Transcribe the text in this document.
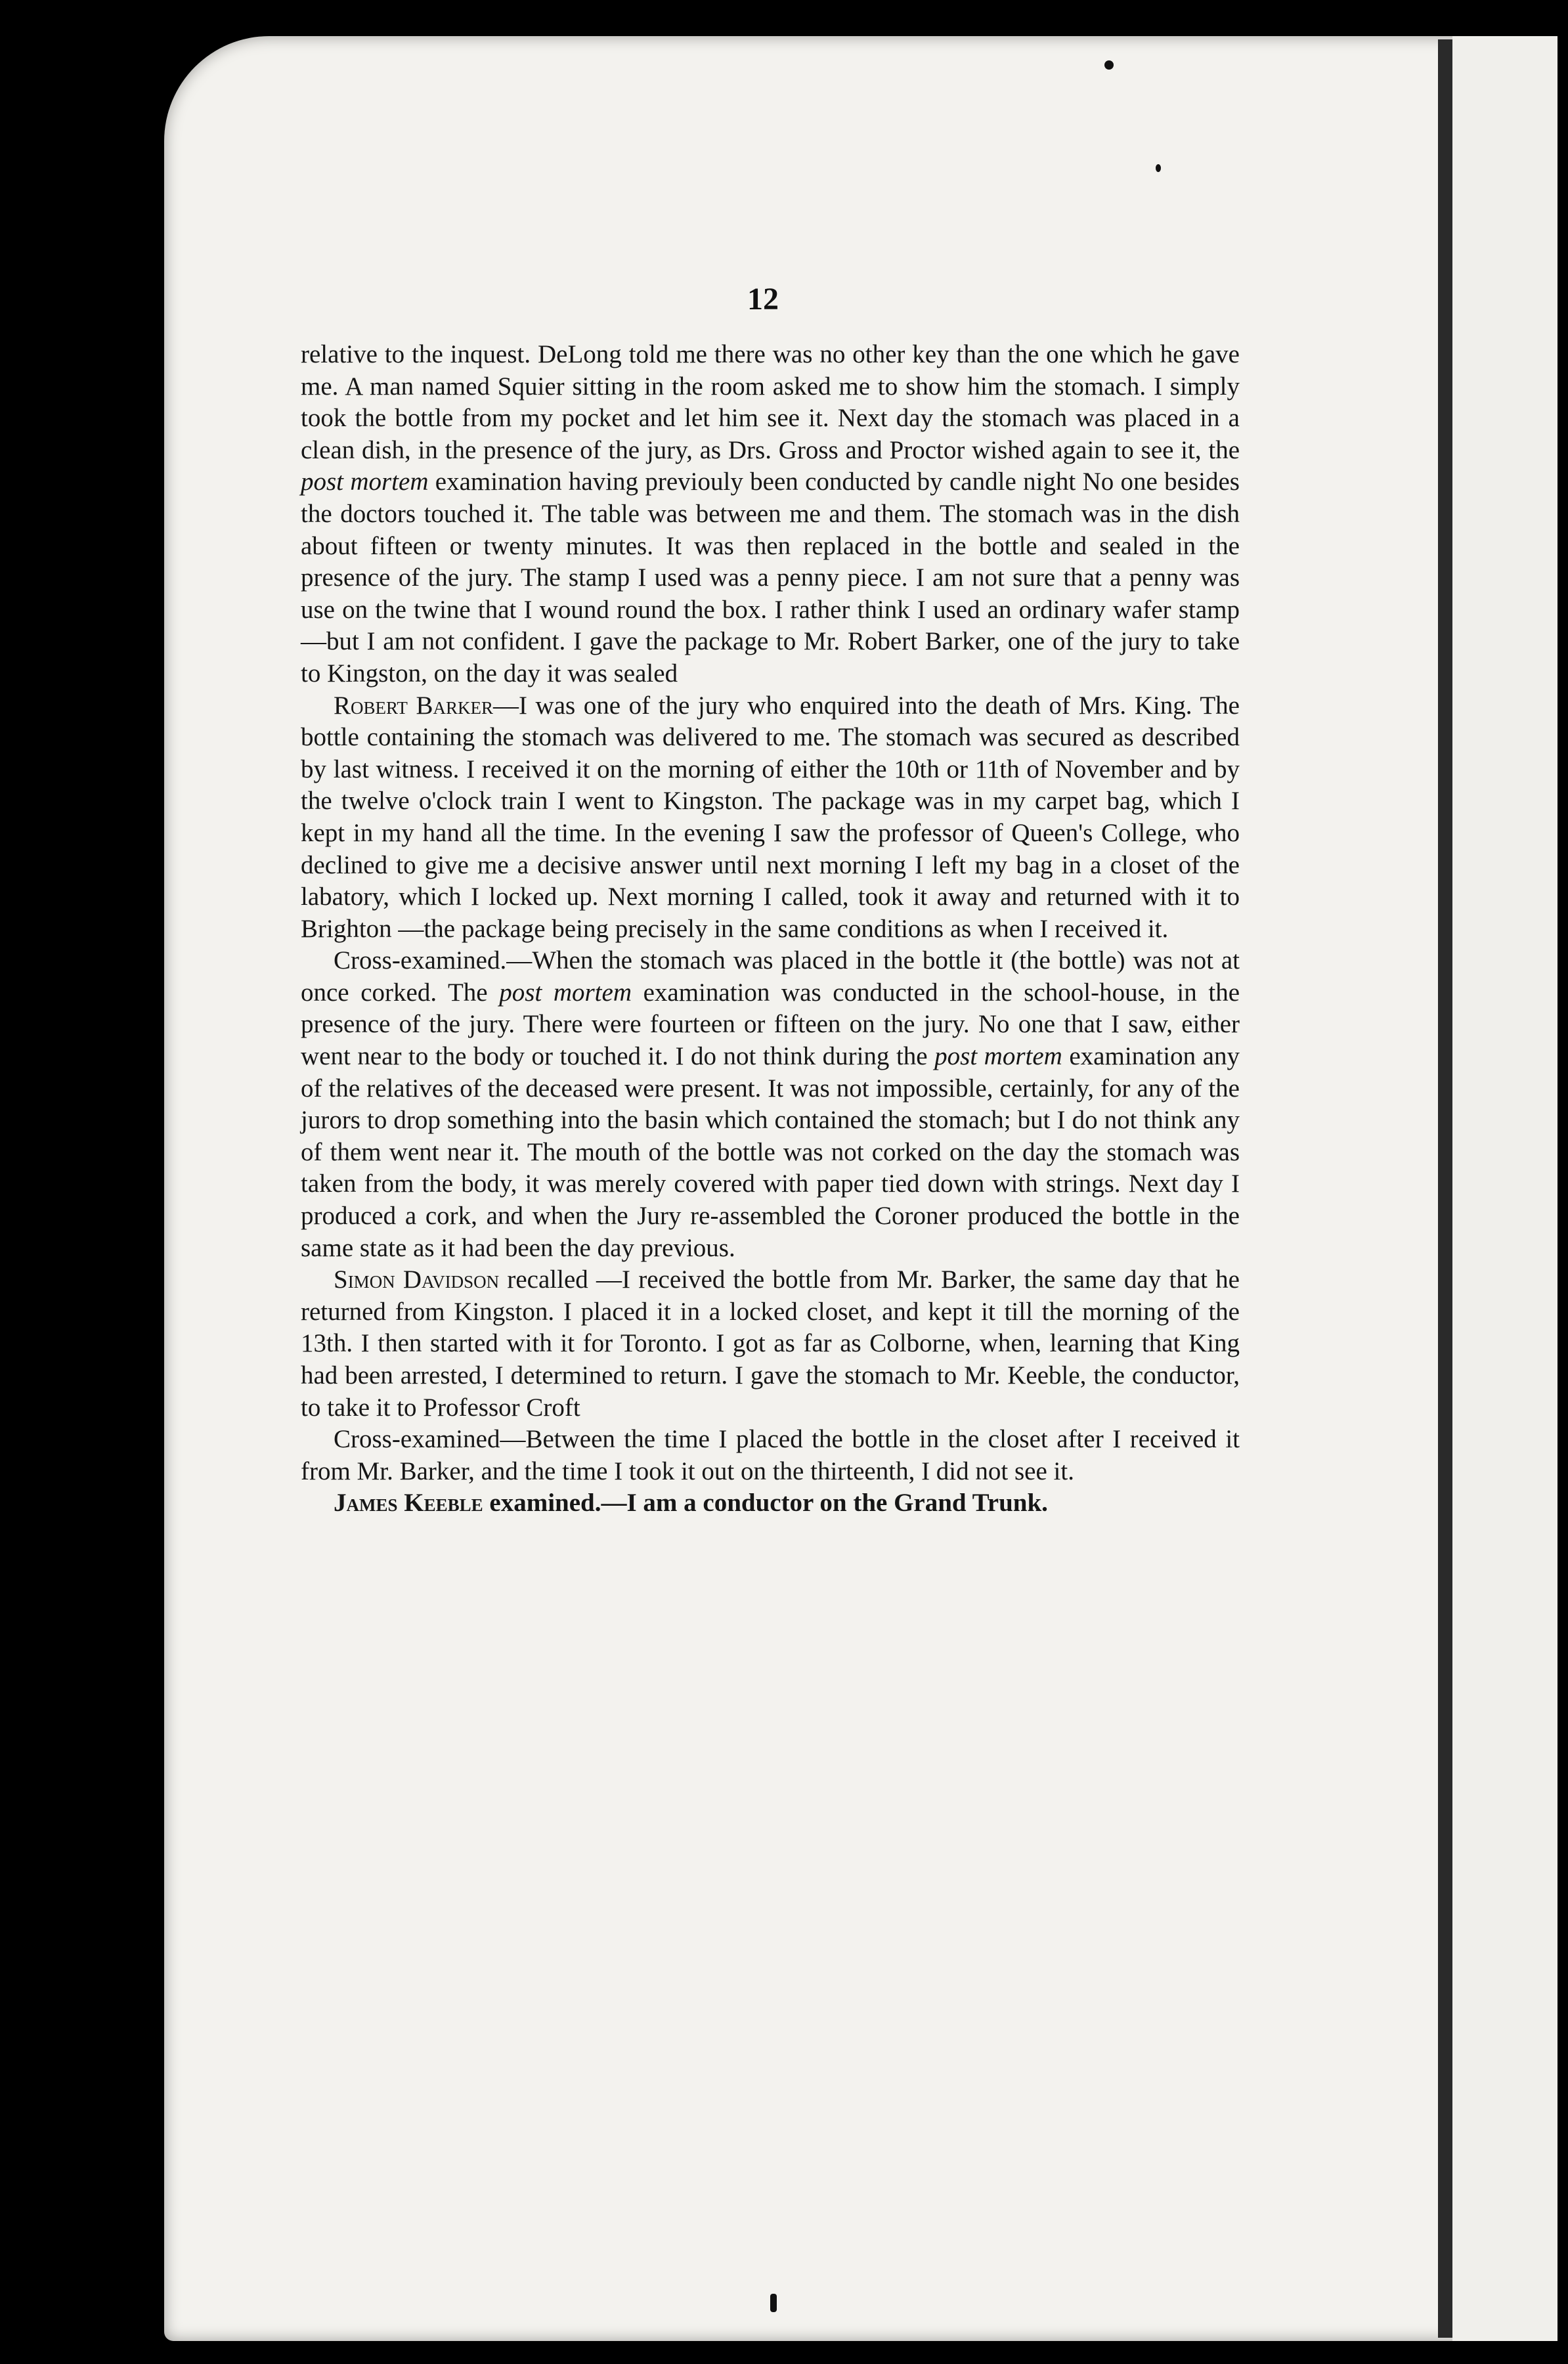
12

relative to the inquest. DeLong told me there was no other key than the one which he gave me. A man named Squier sitting in the room asked me to show him the stomach. I simply took the bottle from my pocket and let him see it. Next day the stomach was placed in a clean dish, in the presence of the jury, as Drs. Gross and Proctor wished again to see it, the post mortem examination having previouly been conducted by candle night No one besides the doctors touched it. The table was between me and them. The stomach was in the dish about fifteen or twenty minutes. It was then replaced in the bottle and sealed in the presence of the jury. The stamp I used was a penny piece. I am not sure that a penny was use on the twine that I wound round the box. I rather think I used an ordinary wafer stamp—but I am not confident. I gave the package to Mr. Robert Barker, one of the jury to take to Kingston, on the day it was sealed

Robert Barker—I was one of the jury who enquired into the death of Mrs. King. The bottle containing the stomach was delivered to me. The stomach was secured as described by last witness. I received it on the morning of either the 10th or 11th of November and by the twelve o'clock train I went to Kingston. The package was in my carpet bag, which I kept in my hand all the time. In the evening I saw the professor of Queen's College, who declined to give me a decisive answer until next morning I left my bag in a closet of the labatory, which I locked up. Next morning I called, took it away and returned with it to Brighton —the package being precisely in the same conditions as when I received it.

Cross-examined.—When the stomach was placed in the bottle it (the bottle) was not at once corked. The post mortem examination was conducted in the school-house, in the presence of the jury. There were fourteen or fifteen on the jury. No one that I saw, either went near to the body or touched it. I do not think during the post mortem examination any of the relatives of the deceased were present. It was not impossible, certainly, for any of the jurors to drop something into the basin which contained the stomach; but I do not think any of them went near it. The mouth of the bottle was not corked on the day the stomach was taken from the body, it was merely covered with paper tied down with strings. Next day I produced a cork, and when the Jury re-assembled the Coroner produced the bottle in the same state as it had been the day previous.

Simon Davidson recalled —I received the bottle from Mr. Barker, the same day that he returned from Kingston. I placed it in a locked closet, and kept it till the morning of the 13th. I then started with it for Toronto. I got as far as Colborne, when, learning that King had been arrested, I determined to return. I gave the stomach to Mr. Keeble, the conductor, to take it to Professor Croft

Cross-examined—Between the time I placed the bottle in the closet after I received it from Mr. Barker, and the time I took it out on the thirteenth, I did not see it.

James Keeble examined.—I am a conductor on the Grand Trunk.
